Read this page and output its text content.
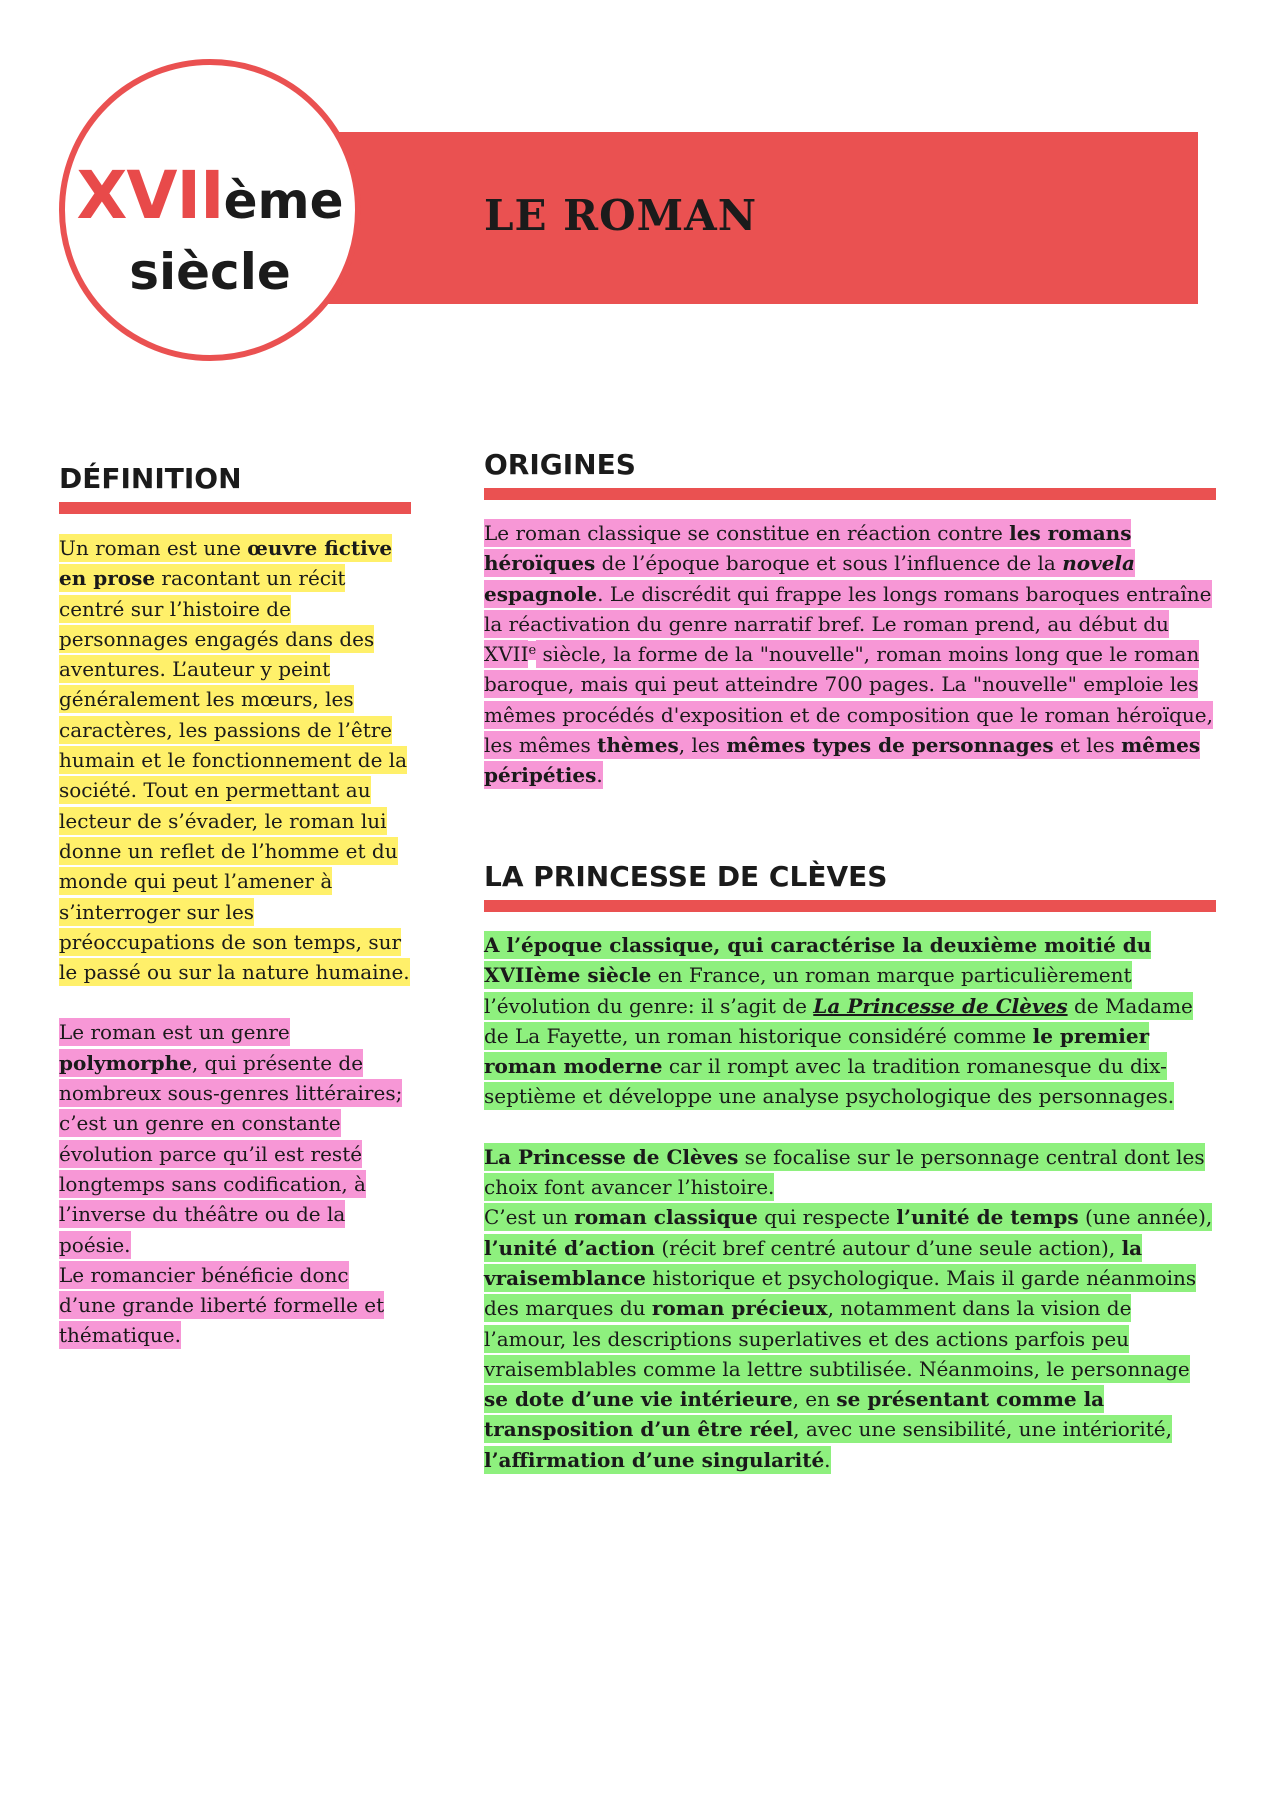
LE ROMAN
XVIIème
siècle
DÉFINITION
Un roman est une œuvre fictive en prose racontant un récit centré sur l’histoire de personnages engagés dans des aventures. L’auteur y peint généralement les mœurs, les caractères, les passions de l’être humain et le fonctionnement de la société. Tout en permettant au lecteur de s’évader, le roman lui donne un reflet de l’homme et du monde qui peut l’amener à s’interroger sur les préoccupations de son temps, sur le passé ou sur la nature humaine.
Le roman est un genre polymorphe, qui présente de nombreux sous-genres littéraires; c’est un genre en constante évolution parce qu’il est resté longtemps sans codification, à l’inverse du théâtre ou de la poésie.
Le romancier bénéficie donc d’une grande liberté formelle et thématique.
ORIGINES
Le roman classique se constitue en réaction contre les romans héroïques de l’époque baroque et sous l’influence de la novela espagnole. Le discrédit qui frappe les longs romans baroques entraîne la réactivation du genre narratif bref. Le roman prend, au début du XVIIe siècle, la forme de la "nouvelle", roman moins long que le roman baroque, mais qui peut atteindre 700 pages. La "nouvelle" emploie les mêmes procédés d'exposition et de composition que le roman héroïque, les mêmes thèmes, les mêmes types de personnages et les mêmes péripéties.
LA PRINCESSE DE CLÈVES
A l’époque classique, qui caractérise la deuxième moitié du XVIIème siècle en France, un roman marque particulièrement l’évolution du genre: il s’agit de La Princesse de Clèves de Madame de La Fayette, un roman historique considéré comme le premier roman moderne car il rompt avec la tradition romanesque du dix-septième et développe une analyse psychologique des personnages.
La Princesse de Clèves se focalise sur le personnage central dont les choix font avancer l’histoire.
C’est un roman classique qui respecte l’unité de temps (une année), l’unité d’action (récit bref centré autour d’une seule action), la vraisemblance historique et psychologique. Mais il garde néanmoins des marques du roman précieux, notamment dans la vision de l’amour, les descriptions superlatives et des actions parfois peu vraisemblables comme la lettre subtilisée. Néanmoins, le personnage se dote d’une vie intérieure, en se présentant comme la transposition d’un être réel, avec une sensibilité, une intériorité, l’affirmation d’une singularité.
